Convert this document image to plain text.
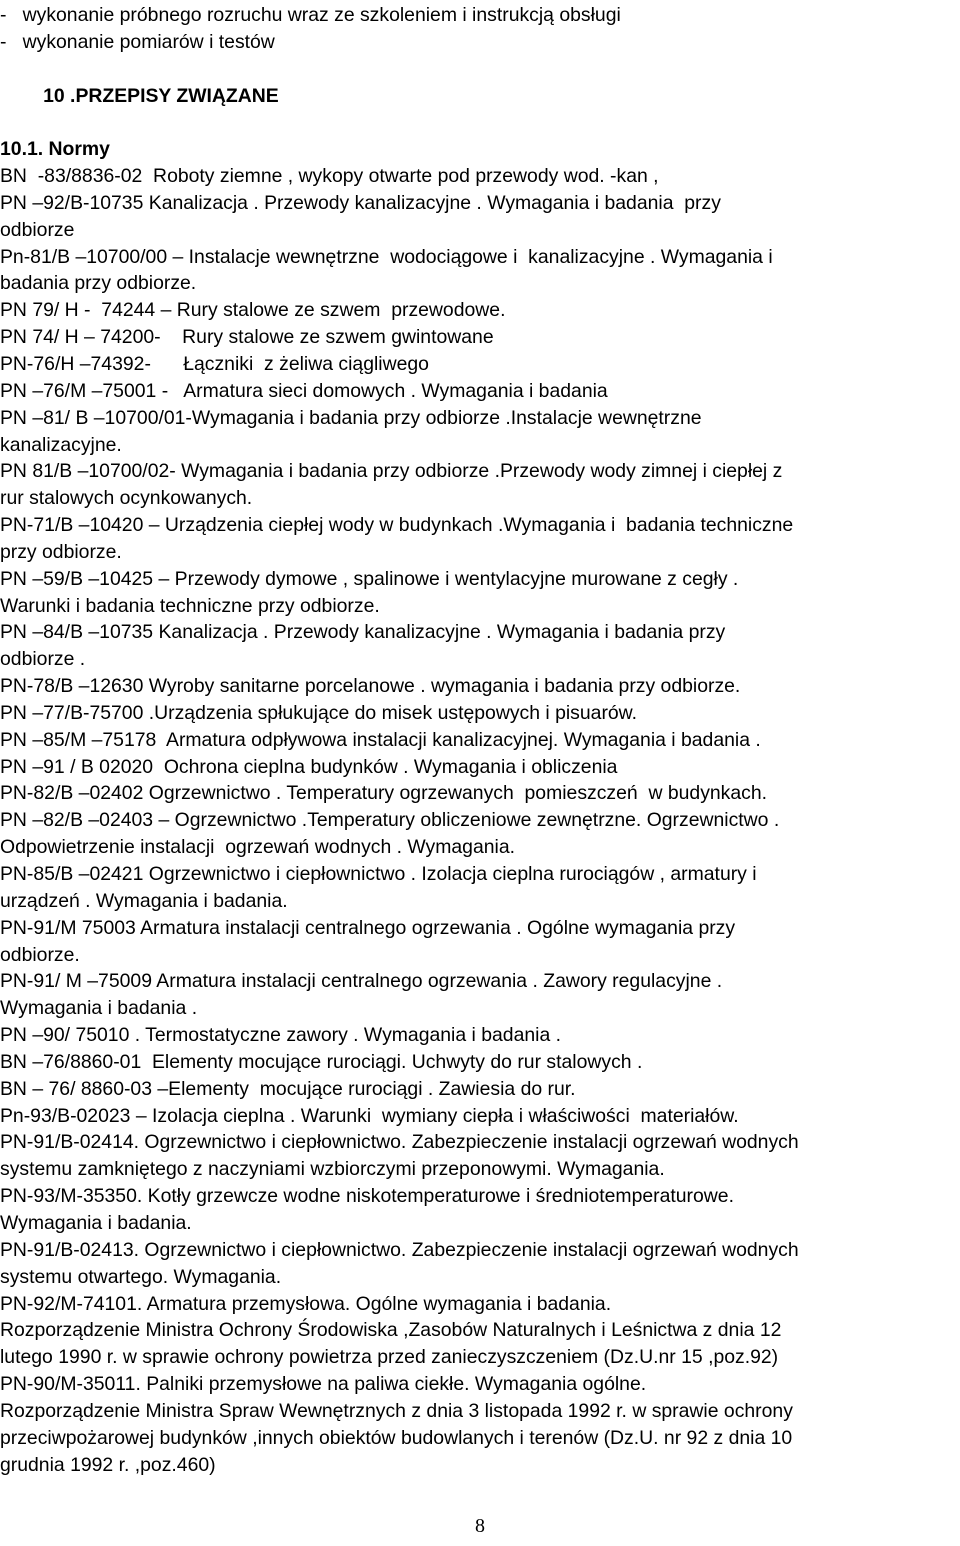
-   wykonanie próbnego rozruchu wraz ze szkoleniem i instrukcją obsługi
-   wykonanie pomiarów i testów
10 .PRZEPISY ZWIĄZANE
10.1. Normy
BN  -83/8836-02  Roboty ziemne , wykopy otwarte pod przewody wod. -kan ,
PN –92/B-10735 Kanalizacja . Przewody kanalizacyjne . Wymagania i badania  przy
odbiorze
Pn-81/B –10700/00 – Instalacje wewnętrzne  wodociągowe i  kanalizacyjne . Wymagania i
badania przy odbiorze.
PN 79/ H -  74244 – Rury stalowe ze szwem  przewodowe.
PN 74/ H – 74200-    Rury stalowe ze szwem gwintowane
PN-76/H –74392-      Łączniki  z żeliwa ciągliwego
PN –76/M –75001 -   Armatura sieci domowych . Wymagania i badania
PN –81/ B –10700/01-Wymagania i badania przy odbiorze .Instalacje wewnętrzne
kanalizacyjne.
PN 81/B –10700/02- Wymagania i badania przy odbiorze .Przewody wody zimnej i ciepłej z
rur stalowych ocynkowanych.
PN-71/B –10420 – Urządzenia ciepłej wody w budynkach .Wymagania i  badania techniczne
przy odbiorze.
PN –59/B –10425 – Przewody dymowe , spalinowe i wentylacyjne murowane z cegły .
Warunki i badania techniczne przy odbiorze.
PN –84/B –10735 Kanalizacja . Przewody kanalizacyjne . Wymagania i badania przy
odbiorze .
PN-78/B –12630 Wyroby sanitarne porcelanowe . wymagania i badania przy odbiorze.
PN –77/B-75700 .Urządzenia spłukujące do misek ustępowych i pisuarów.
PN –85/M –75178  Armatura odpływowa instalacji kanalizacyjnej. Wymagania i badania .
PN –91 / B 02020  Ochrona cieplna budynków . Wymagania i obliczenia
PN-82/B –02402 Ogrzewnictwo . Temperatury ogrzewanych  pomieszczeń  w budynkach.
PN –82/B –02403 – Ogrzewnictwo .Temperatury obliczeniowe zewnętrzne. Ogrzewnictwo .
Odpowietrzenie instalacji  ogrzewań wodnych . Wymagania.
PN-85/B –02421 Ogrzewnictwo i ciepłownictwo . Izolacja cieplna rurociągów , armatury i
urządzeń . Wymagania i badania.
PN-91/M 75003 Armatura instalacji centralnego ogrzewania . Ogólne wymagania przy
odbiorze.
PN-91/ M –75009 Armatura instalacji centralnego ogrzewania . Zawory regulacyjne .
Wymagania i badania .
PN –90/ 75010 . Termostatyczne zawory . Wymagania i badania .
BN –76/8860-01  Elementy mocujące rurociągi. Uchwyty do rur stalowych .
BN – 76/ 8860-03 –Elementy  mocujące rurociągi . Zawiesia do rur.
Pn-93/B-02023 – Izolacja cieplna . Warunki  wymiany ciepła i właściwości  materiałów.
PN-91/B-02414. Ogrzewnictwo i ciepłownictwo. Zabezpieczenie instalacji ogrzewań wodnych
systemu zamkniętego z naczyniami wzbiorczymi przeponowymi. Wymagania.
PN-93/M-35350. Kotły grzewcze wodne niskotemperaturowe i średniotemperaturowe.
Wymagania i badania.
PN-91/B-02413. Ogrzewnictwo i ciepłownictwo. Zabezpieczenie instalacji ogrzewań wodnych
systemu otwartego. Wymagania.
PN-92/M-74101. Armatura przemysłowa. Ogólne wymagania i badania.
Rozporządzenie Ministra Ochrony Środowiska ,Zasobów Naturalnych i Leśnictwa z dnia 12
lutego 1990 r. w sprawie ochrony powietrza przed zanieczyszczeniem (Dz.U.nr 15 ,poz.92)
PN-90/M-35011. Palniki przemysłowe na paliwa ciekłe. Wymagania ogólne.
Rozporządzenie Ministra Spraw Wewnętrznych z dnia 3 listopada 1992 r. w sprawie ochrony
przeciwpożarowej budynków ,innych obiektów budowlanych i terenów (Dz.U. nr 92 z dnia 10
grudnia 1992 r. ,poz.460)
8
